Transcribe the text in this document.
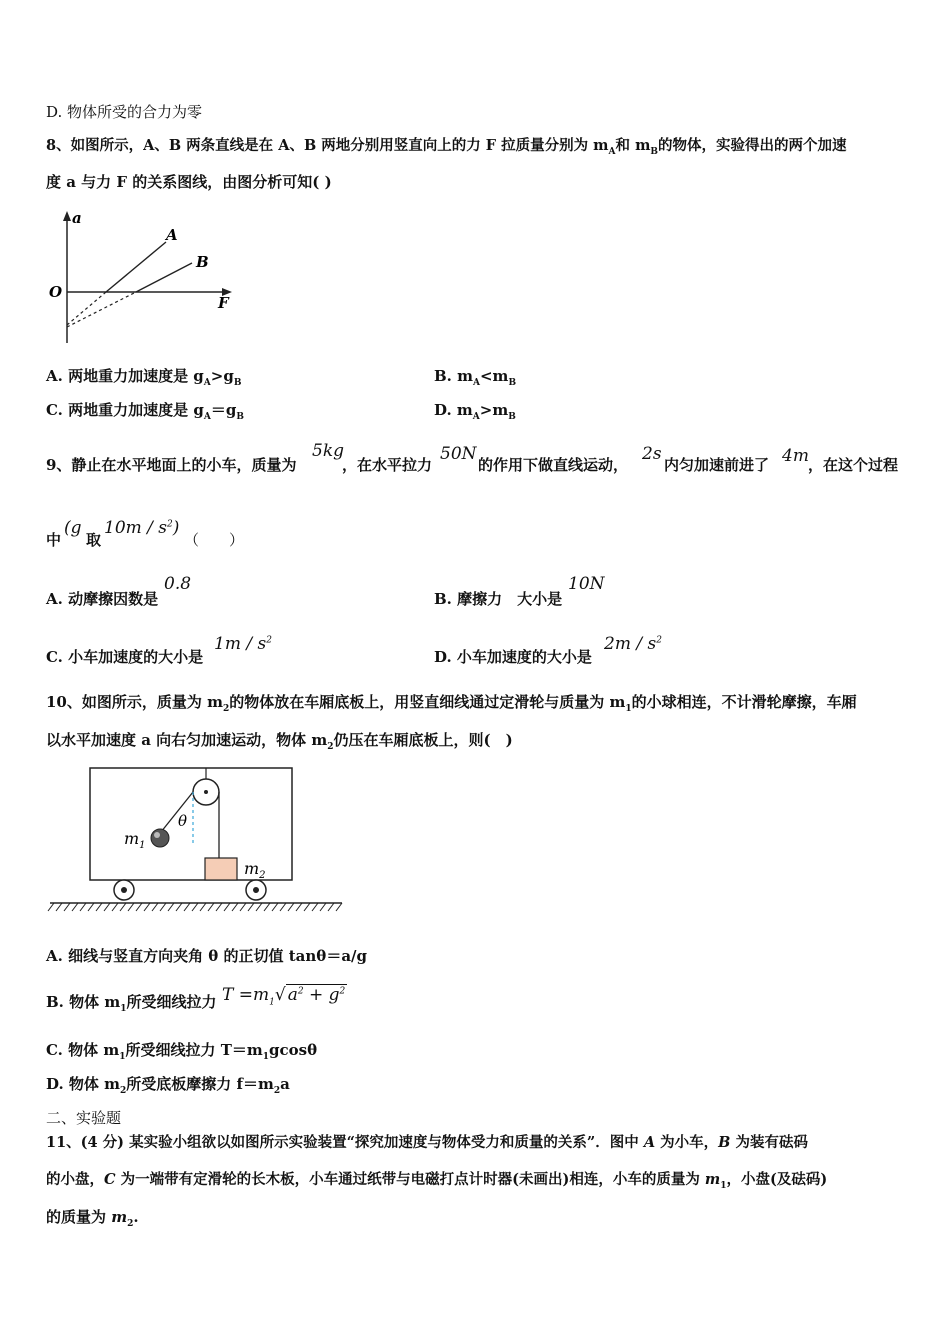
D. 物体所受的合力为零
8、如图所示，A、B 两条直线是在 A、B 两地分别用竖直向上的力 F 拉质量分别为 $m_A$和 $m_B$的物体，实验得出的两个加速
度 a 与力 F 的关系图线，由图分析可知( )
a
F
O
A
B
A. 两地重力加速度是 $g_A>g_B$	B. $m_A<m_B$
C. 两地重力加速度是 $g_A=g_B$	D. $m_A>m_B$
9、静止在水平地面上的小车，质量为
5kg
，在水平拉力
50N
的作用下做直线运动，
2s
内匀加速前进了 4m ，在这个过程
中
(g
取
$10m / s^2$)
（　　）
A. 动摩擦因数是
0.8
B. 摩擦力　大小是
10N
C. 小车加速度的大小是
$1m / s^2$
D. 小车加速度的大小是
$2m / s^2$
10、如图所示，质量为 $m_2$的物体放在车厢底板上，用竖直细线通过定滑轮与质量为 $m_1$的小球相连，不计滑轮摩擦，车厢
以水平加速度 a 向右匀加速运动，物体 $m_2$仍压在车厢底板上，则(　)
$m_1$
$m_2$
θ
A. 细线与竖直方向夹角 θ 的正切值 tanθ＝a/g
B. 物体 $m_1$所受细线拉力 $T =m_1√$ $a^2 + g^2$
C. 物体 $m_1$所受细线拉力 $T=m_1gcos\theta$
D. 物体 $m_2$所受底板摩擦力 $f=m_2a$
二、实验题
11、(4 分) 某实验小组欲以如图所示实验装置“探究加速度与物体受力和质量的关系”．图中 A 为小车，B 为装有砝码
的小盘，C 为一端带有定滑轮的长木板，小车通过纸带与电磁打点计时器(未画出)相连，小车的质量为 $m_1$，小盘(及砝码)
的质量为 $m_2$.
